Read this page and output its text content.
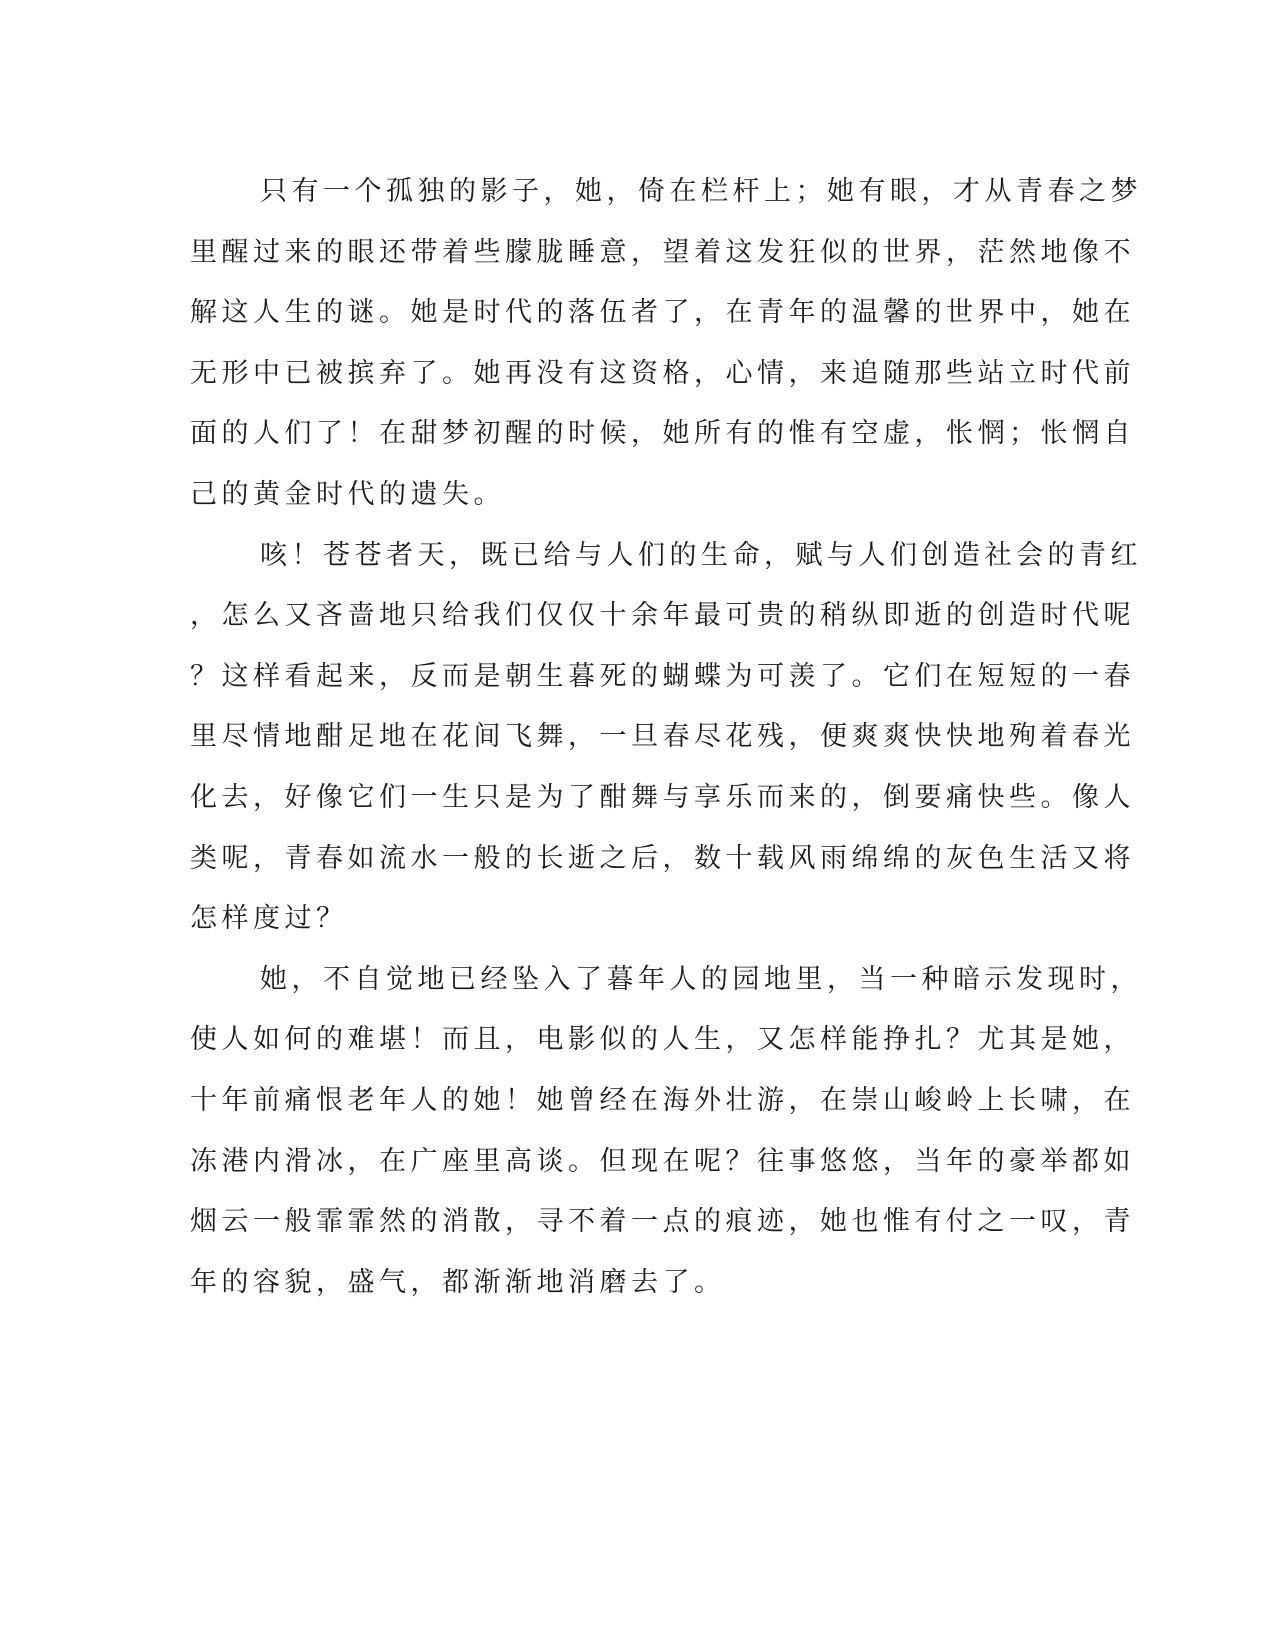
只有一个孤独的影子，她，倚在栏杆上；她有眼，才从青春之梦
里醒过来的眼还带着些朦胧睡意，望着这发狂似的世界，茫然地像不
解这人生的谜。她是时代的落伍者了，在青年的温馨的世界中，她在
无形中已被摈弃了。她再没有这资格，心情，来追随那些站立时代前
面的人们了！在甜梦初醒的时候，她所有的惟有空虚，怅惘；怅惘自
己的黄金时代的遗失。
咳！苍苍者天，既已给与人们的生命，赋与人们创造社会的青红
，怎么又吝啬地只给我们仅仅十余年最可贵的稍纵即逝的创造时代呢
？这样看起来，反而是朝生暮死的蝴蝶为可羡了。它们在短短的一春
里尽情地酣足地在花间飞舞，一旦春尽花残，便爽爽快快地殉着春光
化去，好像它们一生只是为了酣舞与享乐而来的，倒要痛快些。像人
类呢，青春如流水一般的长逝之后，数十载风雨绵绵的灰色生活又将
怎样度过？
她，不自觉地已经坠入了暮年人的园地里，当一种暗示发现时，
使人如何的难堪！而且，电影似的人生，又怎样能挣扎？尤其是她，
十年前痛恨老年人的她！她曾经在海外壮游，在崇山峻岭上长啸，在
冻港内滑冰，在广座里高谈。但现在呢？往事悠悠，当年的豪举都如
烟云一般霏霏然的消散，寻不着一点的痕迹，她也惟有付之一叹，青
年的容貌，盛气，都渐渐地消磨去了。
